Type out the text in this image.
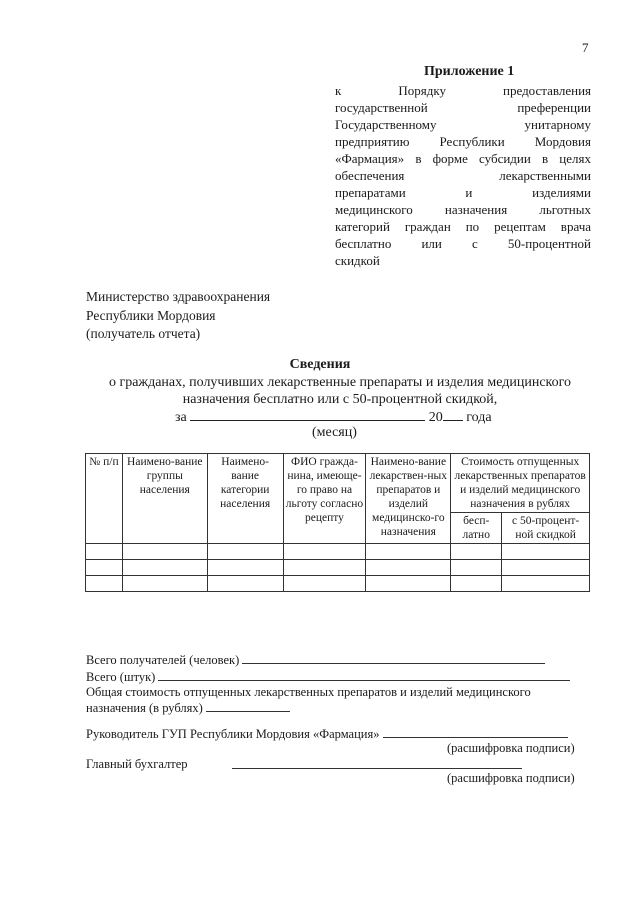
7
Приложение 1
к Порядку предоставления
государственной преференции
Государственному унитарному
предприятию Республики Мордовия
«Фармация» в форме субсидии в целях
обеспечения лекарственными
препаратами и изделиями
медицинского назначения льготных
категорий граждан по рецептам врача
бесплатно или с 50-процентной
скидкой
Министерство здравоохранения
Республики Мордовия
(получатель отчета)
Сведения
о гражданах, получивших лекарственные препараты и изделия медицинского
назначения бесплатно или с 50-процентной скидкой,
за	20 года
(месяц)
№ п/п	Наимено-вание группы населения	Наимено-вание категории населения	ФИО гражда-нина, имеюще-го право на льготу согласно рецепту	Наимено-вание лекарствен-ных препаратов и изделий медицинско-го назначения	Стоимость отпущенных лекарственных препаратов и изделий медицинского назначения в рублях	
					бесп-латно	с 50-процент-ной скидкой

Всего получателей (человек)
Всего (штук)
Общая стоимость отпущенных лекарственных препаратов и изделий медицинского
назначения (в рублях)
Руководитель ГУП Республики Мордовия «Фармация»
(расшифровка подписи)
Главный бухгалтер
(расшифровка подписи)
